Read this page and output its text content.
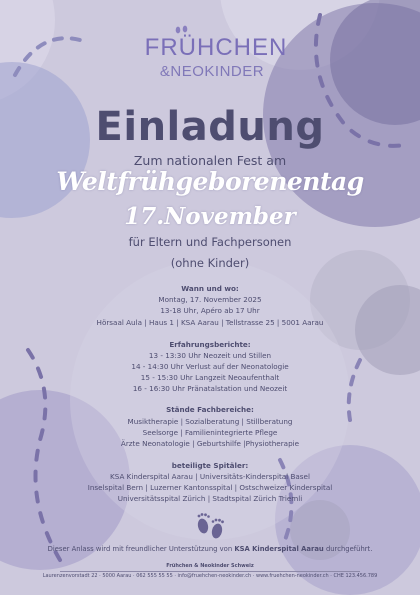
FRÜHCHEN
&NEOKINDER
Einladung
Zum nationalen Fest am
Weltfrühgeborenentag
17.November
für Eltern und Fachpersonen
(ohne Kinder)
Wann und wo:
Montag, 17. November 2025
13-18 Uhr, Apéro ab 17 Uhr
Hörsaal Aula | Haus 1 | KSA Aarau | Tellstrasse 25 | 5001 Aarau
Erfahrungsberichte:
13 - 13:30 Uhr Neozeit und Stillen
14 - 14:30 Uhr Verlust auf der Neonatologie
15 - 15:30 Uhr Langzeit Neoaufenthalt
16 - 16:30 Uhr Pränatalstation und Neozeit
Stände Fachbereiche:
Musiktherapie | Sozialberatung | Stillberatung
Seelsorge | Familienintegrierte Pflege
Ärzte Neonatologie | Geburtshilfe |Physiotherapie
beteiligte Spitäler:
KSA Kinderspital Aarau | Universitäts-Kinderspital Basel
Inselspital Bern | Luzerner Kantonsspital | Ostschweizer Kinderspital
Universitätsspital Zürich | Stadtspital Zürich Triemli
Dieser Anlass wird mit freundlicher Unterstützung von KSA Kinderspital Aarau durchgeführt.
Frühchen & Neokinder Schweiz
Laurenzenvorstadt 22 · 5000 Aarau · 062 555 55 55 · info@fruehchen-neokinder.ch · www.fruehchen-neokinder.ch · CHE 123.456.789
